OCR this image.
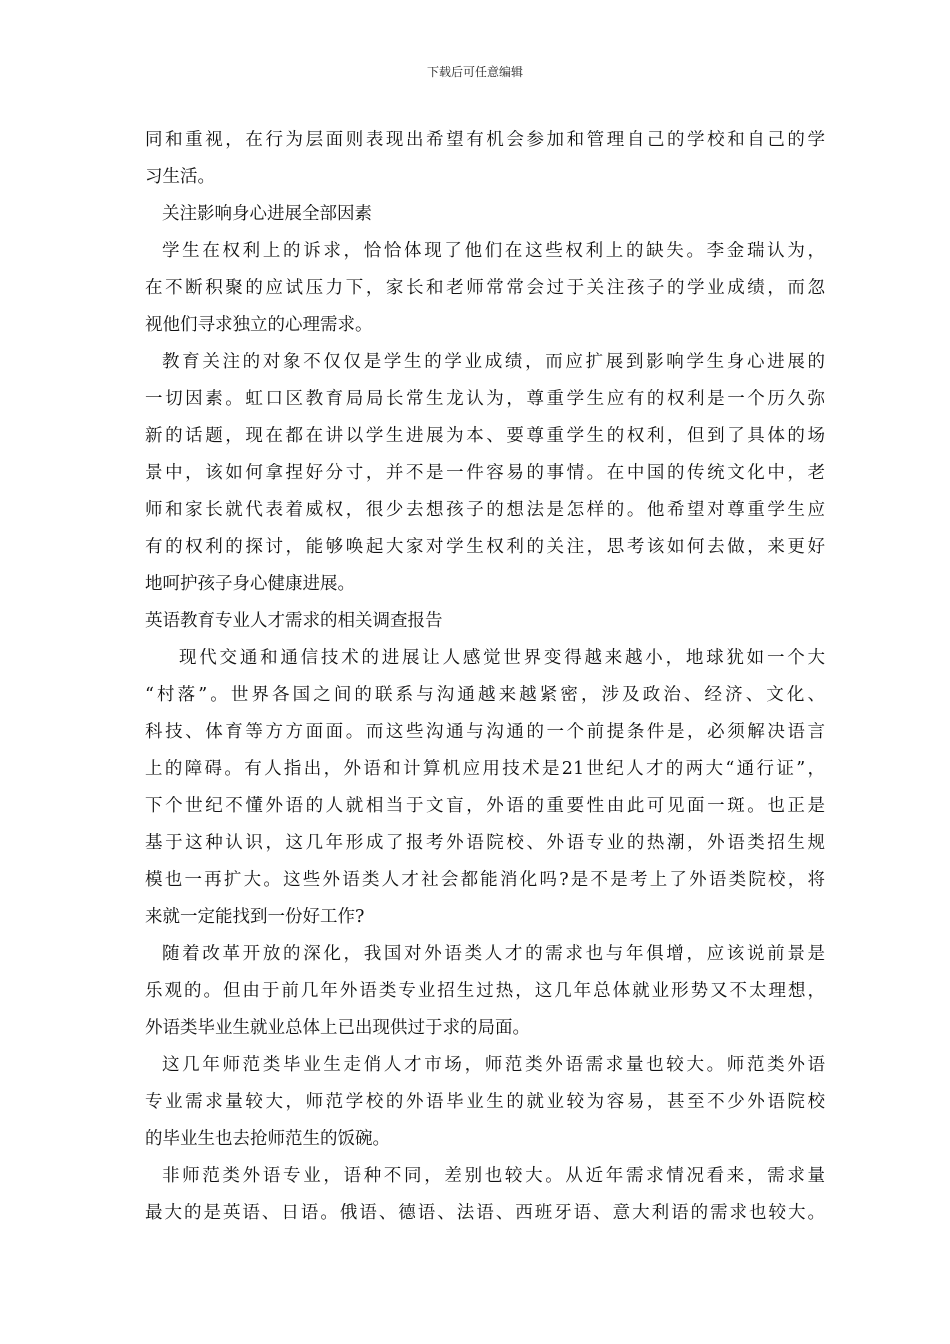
下载后可任意编辑
同和重视，在行为层面则表现出希望有机会参加和管理自己的学校和自己的学
习生活。
关注影响身心进展全部因素
学生在权利上的诉求，恰恰体现了他们在这些权利上的缺失。李金瑞认为，
在不断积聚的应试压力下，家长和老师常常会过于关注孩子的学业成绩，而忽
视他们寻求独立的心理需求。
教育关注的对象不仅仅是学生的学业成绩，而应扩展到影响学生身心进展的
一切因素。虹口区教育局局长常生龙认为，尊重学生应有的权利是一个历久弥
新的话题，现在都在讲以学生进展为本、要尊重学生的权利，但到了具体的场
景中，该如何拿捏好分寸，并不是一件容易的事情。在中国的传统文化中，老
师和家长就代表着威权，很少去想孩子的想法是怎样的。他希望对尊重学生应
有的权利的探讨，能够唤起大家对学生权利的关注，思考该如何去做，来更好
地呵护孩子身心健康进展。
英语教育专业人才需求的相关调查报告
现代交通和通信技术的进展让人感觉世界变得越来越小，地球犹如一个大
“村落”。世界各国之间的联系与沟通越来越紧密，涉及政治、经济、文化、
科技、体育等方方面面。而这些沟通与沟通的一个前提条件是，必须解决语言
上的障碍。有人指出，外语和计算机应用技术是21世纪人才的两大“通行证”，
下个世纪不懂外语的人就相当于文盲，外语的重要性由此可见面一斑。也正是
基于这种认识，这几年形成了报考外语院校、外语专业的热潮，外语类招生规
模也一再扩大。这些外语类人才社会都能消化吗?是不是考上了外语类院校，将
来就一定能找到一份好工作?
随着改革开放的深化，我国对外语类人才的需求也与年俱增，应该说前景是
乐观的。但由于前几年外语类专业招生过热，这几年总体就业形势又不太理想，
外语类毕业生就业总体上已出现供过于求的局面。
这几年师范类毕业生走俏人才市场，师范类外语需求量也较大。师范类外语
专业需求量较大，师范学校的外语毕业生的就业较为容易，甚至不少外语院校
的毕业生也去抢师范生的饭碗。
非师范类外语专业，语种不同，差别也较大。从近年需求情况看来，需求量
最大的是英语、日语。俄语、德语、法语、西班牙语、意大利语的需求也较大。
